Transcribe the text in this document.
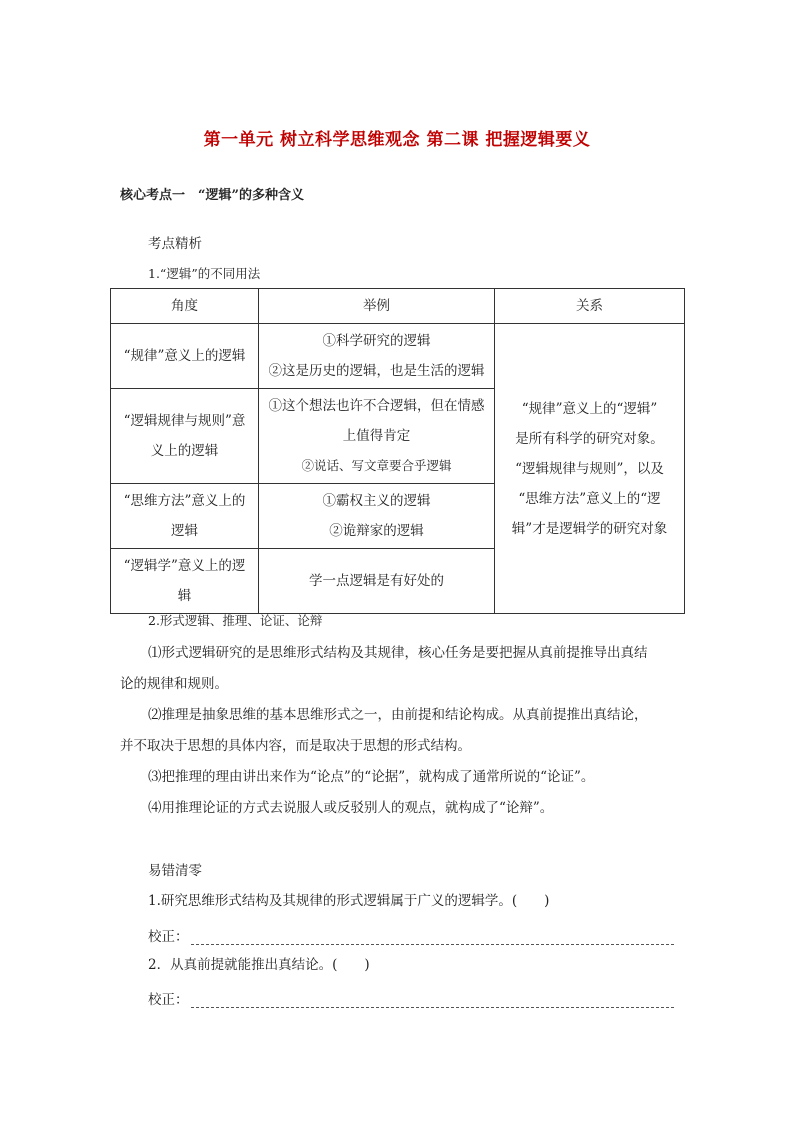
第一单元 树立科学思维观念 第二课 把握逻辑要义
核心考点一　“逻辑”的多种含义
考点精析
1.“逻辑”的不同用法
角度	举例	关系

“规律”意义上的逻辑	①科学研究的逻辑
②这是历史的逻辑，也是生活的逻辑	“规律”意义上的“逻辑”
是所有科学的研究对象。
“逻辑规律与规则”，以及
“思维方法”意义上的“逻
辑”才是逻辑学的研究对象

“逻辑规律与规则”意
义上的逻辑	①这个想法也许不合逻辑，但在情感
上值得肯定
②说话、写文章要合乎逻辑	

“思维方法”意义上的
逻辑	①霸权主义的逻辑
②诡辩家的逻辑	

“逻辑学”意义上的逻
辑	学一点逻辑是有好处的	
2.形式逻辑、推理、论证、论辩
⑴形式逻辑研究的是思维形式结构及其规律，核心任务是要把握从真前提推导出真结
论的规律和规则。
⑵推理是抽象思维的基本思维形式之一，由前提和结论构成。从真前提推出真结论，
并不取决于思想的具体内容，而是取决于思想的形式结构。
⑶把推理的理由讲出来作为“论点”的“论据”，就构成了通常所说的“论证”。
⑷用推理论证的方式去说服人或反驳别人的观点，就构成了“论辩”。
易错清零
1.研究思维形式结构及其规律的形式逻辑属于广义的逻辑学。(　　)
校正：
2．从真前提就能推出真结论。(　　)
校正：
